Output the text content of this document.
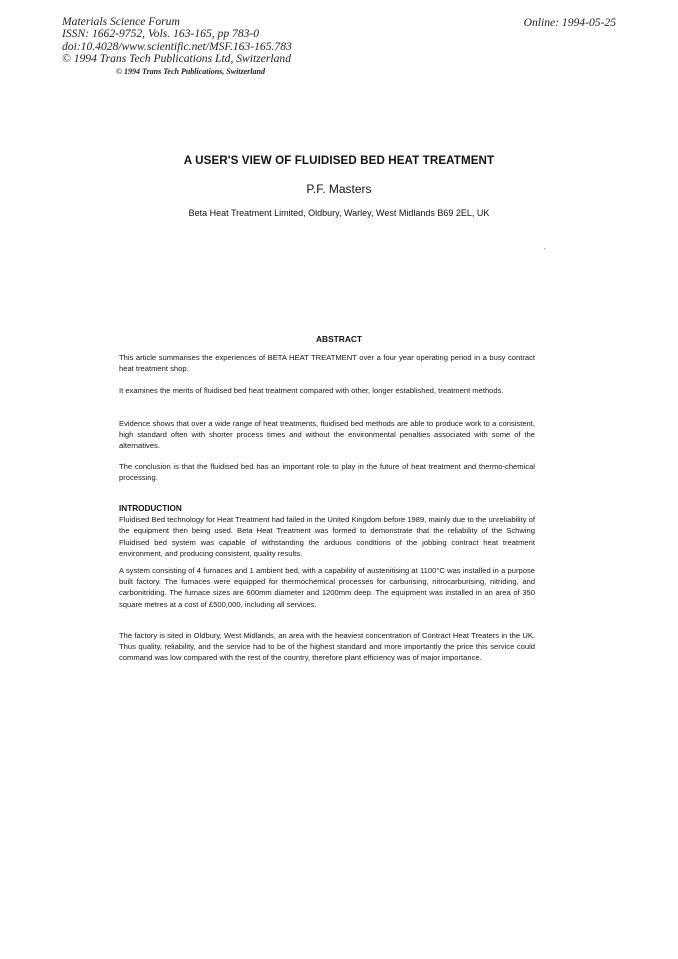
Materials Science Forum
ISSN: 1662-9752, Vols. 163-165, pp 783-0
doi:10.4028/www.scientific.net/MSF.163-165.783
© 1994 Trans Tech Publications Ltd, Switzerland
Online: 1994-05-25
© 1994 Trans Tech Publications, Switzerland
A USER'S VIEW OF FLUIDISED BED HEAT TREATMENT
P.F. Masters
Beta Heat Treatment Limited, Oldbury, Warley, West Midlands B69 2EL, UK
ABSTRACT

This article summarises the experiences of BETA HEAT TREATMENT over a four year operating period in a busy contract heat treatment shop.

It examines the merits of fluidised bed heat treatment compared with other, longer established, treatment methods.

Evidence shows that over a wide range of heat treatments, fluidised bed methods are able to produce work to a consistent, high standard often with shorter process times and without the environmental penalties associated with some of the alternatives.

The conclusion is that the fluidised bed has an important role to play in the future of heat treatment and thermo-chemical processing.

INTRODUCTION

Fluidised Bed technology for Heat Treatment had failed in the United Kingdom before 1989, mainly due to the unreliability of the equipment then being used. Beta Heat Treatment was formed to demonstrate that the reliability of the Schwing Fluidised bed system was capable of withstanding the arduous conditions of the jobbing contract heat treatment environment, and producing consistent, quality results.

A system consisting of 4 furnaces and 1 ambient bed, with a capability of austenitising at 1100°C was installed in a purpose built factory. The furnaces were equipped for thermochemical processes for carburising, nitrocarburising, nitriding, and carbonitriding. The furnace sizes are 600mm diameter and 1200mm deep. The equipment was installed in an area of 350 square metres at a cost of £500,000, including all services.

The factory is sited in Oldbury, West Midlands, an area with the heaviest concentration of Contract Heat Treaters in the UK. Thus quality, reliability, and the service had to be of the highest standard and more importantly the price this service could command was low compared with the rest of the country, therefore plant efficiency was of major importance.
